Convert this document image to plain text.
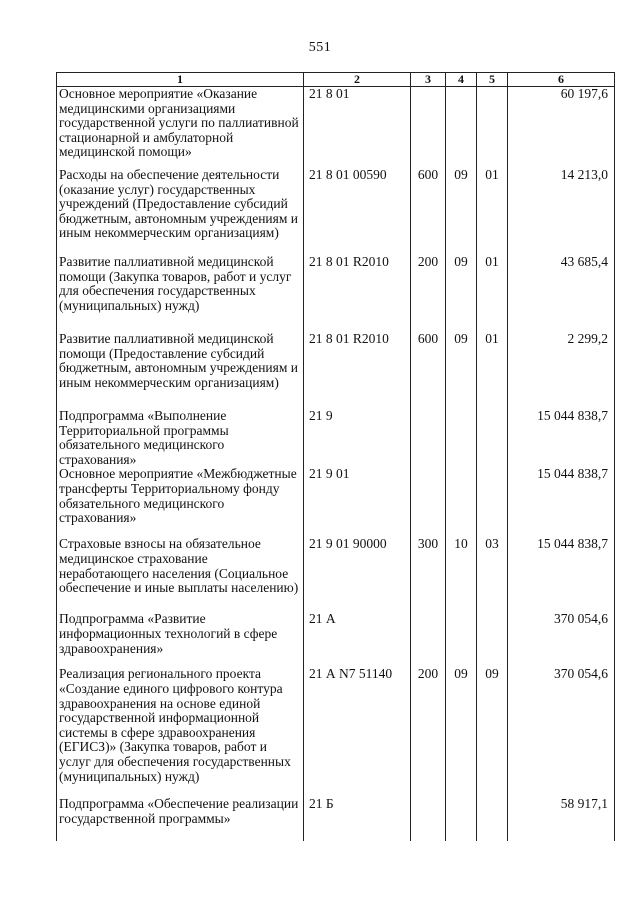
551
1	2	3	4	5	6
Основное мероприятие «Оказание медицинскими организациями государственной услуги по паллиативной стационарной и амбулаторной медицинской помощи»	21 8 01				60 197,6
Расходы на обеспечение деятельности (оказание услуг) государственных учреждений (Предоставление субсидий бюджетным, автономным учреждениям и иным некоммерческим организациям)	21 8 01 00590	600	09	01	14 213,0
Развитие паллиативной медицинской помощи (Закупка товаров, работ и услуг для обеспечения государственных (муниципальных) нужд)	21 8 01 R2010	200	09	01	43 685,4
Развитие паллиативной медицинской помощи (Предоставление субсидий бюджетным, автономным учреждениям и иным некоммерческим организациям)	21 8 01 R2010	600	09	01	2 299,2
Подпрограмма «Выполнение Территориальной программы обязательного медицинского страхования»	21 9				15 044 838,7
Основное мероприятие «Межбюджетные трансферты Территориальному фонду обязательного медицинского страхования»	21 9 01				15 044 838,7
Страховые взносы на обязательное медицинское страхование неработающего населения (Социальное обеспечение и иные выплаты населению)	21 9 01 90000	300	10	03	15 044 838,7
Подпрограмма «Развитие информационных технологий в сфере здравоохранения»	21 А				370 054,6
Реализация регионального проекта «Создание единого цифрового контура здравоохранения на основе единой государственной информационной системы в сфере здравоохранения (ЕГИСЗ)» (Закупка товаров, работ и услуг для обеспечения государственных (муниципальных) нужд)	21 А N7 51140	200	09	09	370 054,6
Подпрограмма «Обеспечение реализации государственной программы»	21 Б				58 917,1
